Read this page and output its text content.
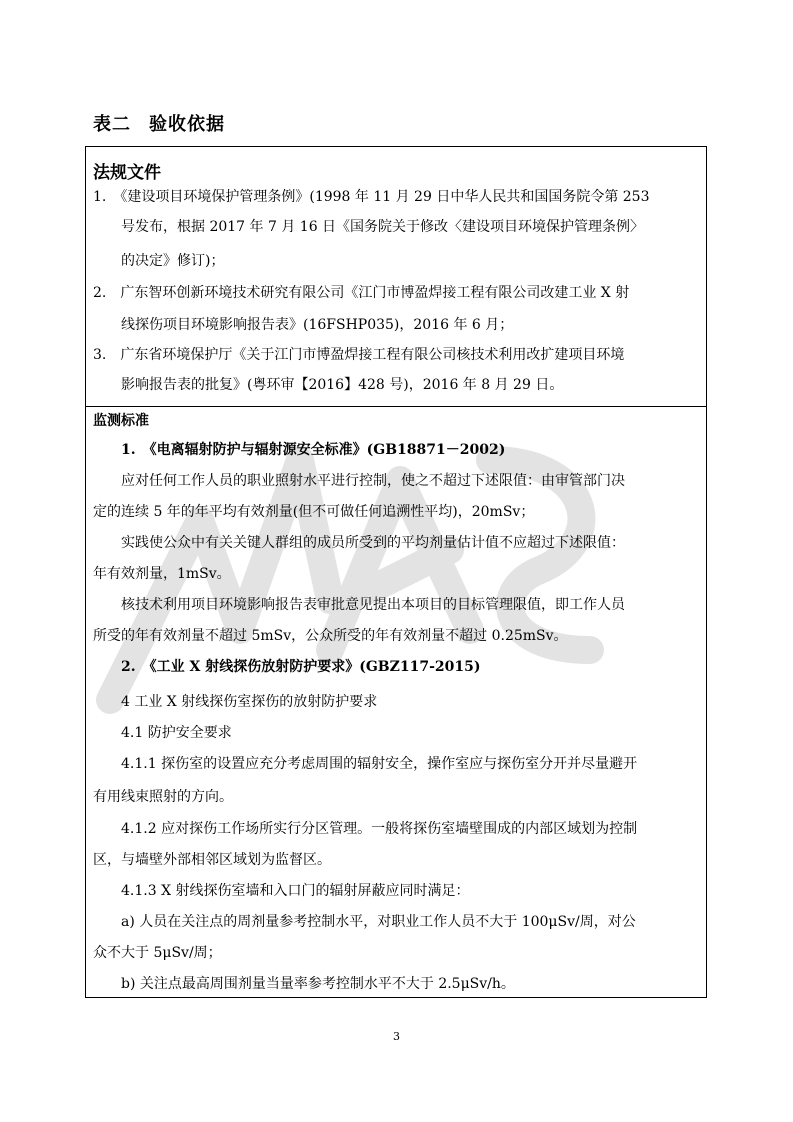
表二 验收依据
法规文件
1.　《建设项目环境保护管理条例》(1998 年 11 月 29 日中华人民共和国国务院令第 253
号发布，根据 2017 年 7 月 16 日《国务院关于修改〈建设项目环境保护管理条例〉
的决定》修订)；
2.　广东智环创新环境技术研究有限公司《江门市博盈焊接工程有限公司改建工业 X 射
线探伤项目环境影响报告表》(16FSHP035)，2016 年 6 月；
3.　广东省环境保护厅《关于江门市博盈焊接工程有限公司核技术利用改扩建项目环境
影响报告表的批复》(粤环审【2016】428 号)，2016 年 8 月 29 日。
监测标准
1.　《电离辐射防护与辐射源安全标准》(GB18871－2002)
应对任何工作人员的职业照射水平进行控制，使之不超过下述限值：由审管部门决
定的连续 5 年的年平均有效剂量(但不可做任何追溯性平均)，20mSv；
实践使公众中有关关键人群组的成员所受到的平均剂量估计值不应超过下述限值：
年有效剂量，1mSv。
核技术利用项目环境影响报告表审批意见提出本项目的目标管理限值，即工作人员
所受的年有效剂量不超过 5mSv，公众所受的年有效剂量不超过 0.25mSv。
2.　《工业 X 射线探伤放射防护要求》(GBZ117-2015)
4 工业 X 射线探伤室探伤的放射防护要求
4.1 防护安全要求
4.1.1 探伤室的设置应充分考虑周围的辐射安全，操作室应与探伤室分开并尽量避开
有用线束照射的方向。
4.1.2 应对探伤工作场所实行分区管理。一般将探伤室墙壁围成的内部区域划为控制
区，与墙壁外部相邻区域划为监督区。
4.1.3 X 射线探伤室墙和入口门的辐射屏蔽应同时满足：
a) 人员在关注点的周剂量参考控制水平，对职业工作人员不大于 100μSv/周，对公
众不大于 5μSv/周；
b) 关注点最高周围剂量当量率参考控制水平不大于 2.5μSv/h。
3
